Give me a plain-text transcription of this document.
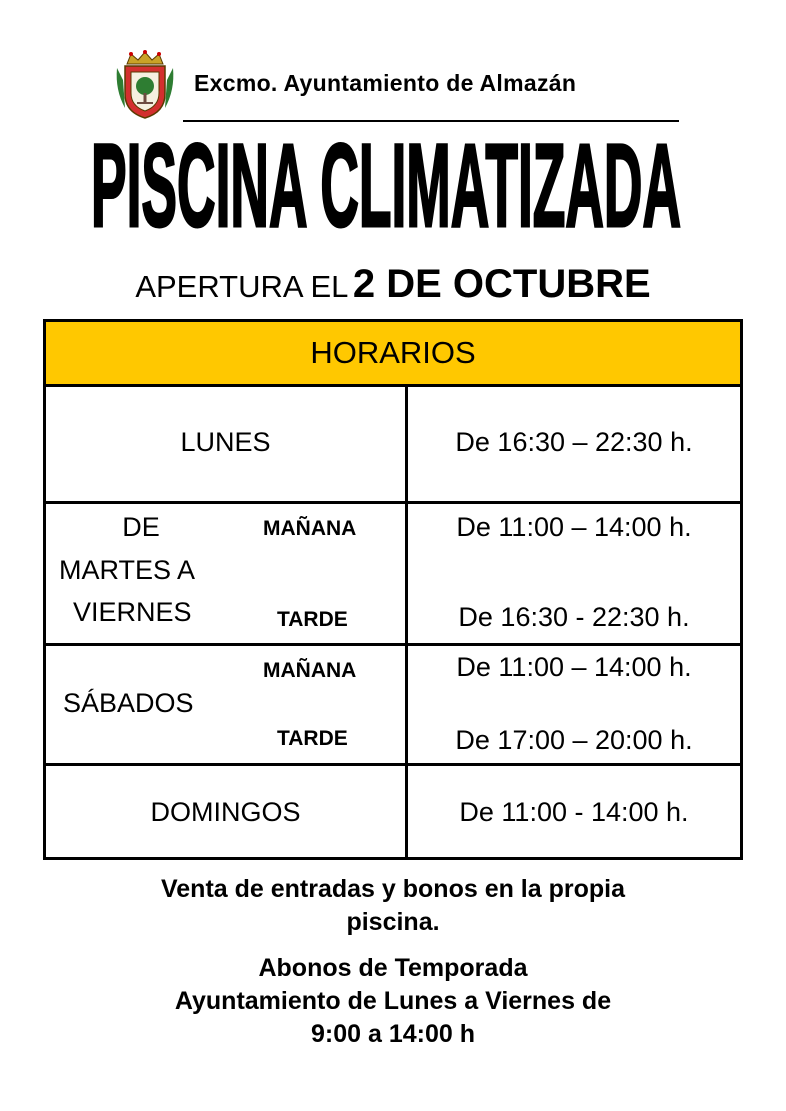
Excmo. Ayuntamiento de Almazán
PISCINA CLIMATIZADA
APERTURA EL 2 DE OCTUBRE
HORARIOS
LUNES	De 16:30 – 22:30 h.
DE
MARTES A
VIERNES
MAÑANA
TARDE
De 11:00 – 14:00 h.
De 16:30 - 22:30 h.
SÁBADOS
MAÑANA
TARDE
De 11:00 – 14:00 h.
De 17:00 – 20:00 h.
DOMINGOS	De 11:00 - 14:00 h.
Venta de entradas y bonos en la propia
piscina.
Abonos de Temporada
Ayuntamiento de Lunes a Viernes de
9:00 a 14:00 h
